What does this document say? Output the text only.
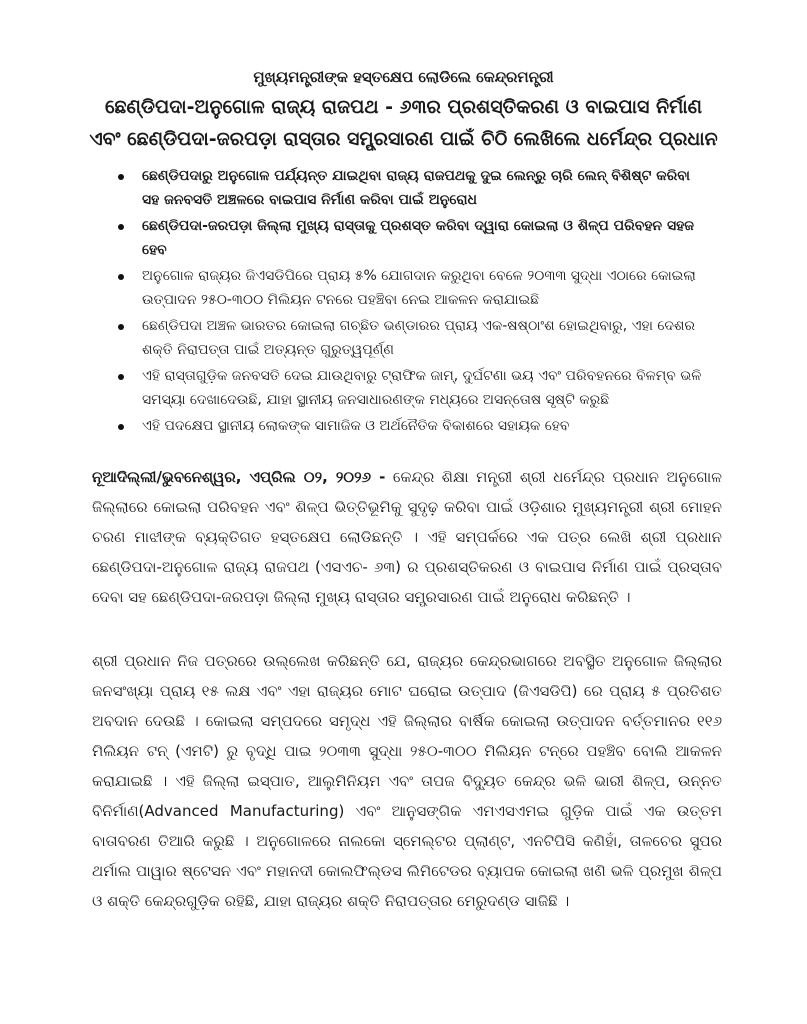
ମୁଖ୍ୟମନ୍ତ୍ରୀଙ୍କ ହସ୍ତକ୍ଷେପ ଲୋଡିଲେ କେନ୍ଦ୍ରମନ୍ତ୍ରୀ
ଛେଣ୍ଡିପଦା-ଅନୁଗୋଳ ରାଜ୍ୟ ରାଜପଥ - ୬୩ର ପ୍ରଶସ୍ତିକରଣ ଓ ବାଇପାସ ନିର୍ମାଣ
ଏବଂ ଛେଣ୍ଡିପଦା-ଜରପଡ଼ା ରାସ୍ତାର ସମ୍ପ୍ରସାରଣ ପାଇଁ ଚିଠି ଲେଖିଲେ ଧର୍ମେନ୍ଦ୍ର ପ୍ରଧାନ
ଛେଣ୍ଡିପଦାରୁ ଅନୁଗୋଳ ପର୍ଯ୍ୟନ୍ତ ଯାଇଥିବା ରାଜ୍ୟ ରାଜପଥକୁ ଦୁଇ ଲେନ୍‌ରୁ ଚାରି ଲେନ୍ ବିଶିଷ୍ଟ କରିବା ସହ ଜନବସତି ଅଞ୍ଚଳରେ ବାଇପାସ ନିର୍ମାଣ କରିବା ପାଇଁ ଅନୁରୋଧ
ଛେଣ୍ଡିପଦା-ଜରପଡ଼ା ଜିଲ୍ଲା ମୁଖ୍ୟ ରାସ୍ତାକୁ ପ୍ରଶସ୍ତ କରିବା ଦ୍ୱାରା କୋଇଲା ଓ ଶିଳ୍ପ ପରିବହନ ସହଜ ହେବ
ଅନୁଗୋଳ ରାଜ୍ୟର ଜିଏସଡିପିରେ ପ୍ରାୟ ୫% ଯୋଗଦାନ କରୁଥିବା ବେଳେ ୨୦୩୩ ସୁଦ୍ଧା ଏଠାରେ କୋଇଲା ଉତ୍ପାଦନ ୨୫୦-୩୦୦ ମିଲିୟନ ଟନରେ ପହଞ୍ଚିବା ନେଇ ଆକଳନ କରାଯାଇଛି
ଛେଣ୍ଡିପଦା ଅଞ୍ଚଳ ଭାରତର କୋଇଲା ଗଚ୍ଛିତ ଭଣ୍ଡାରର ପ୍ରାୟ ଏକ-ଷଷ୍ଠାଂଶ ହୋଇଥିବାରୁ, ଏହା ଦେଶର ଶକ୍ତି ନିରାପତ୍ତା ପାଇଁ ଅତ୍ୟନ୍ତ ଗୁରୁତ୍ୱପୂର୍ଣ୍ଣ
ଏହି ରାସ୍ତାଗୁଡ଼ିକ ଜନବସତି ଦେଇ ଯାଉଥିବାରୁ ଟ୍ରାଫିକ ଜାମ୍, ଦୁର୍ଘଟଣା ଭୟ ଏବଂ ପରିବହନରେ ବିଳମ୍ବ ଭଳି ସମସ୍ୟା ଦେଖାଦେଉଛି, ଯାହା ସ୍ଥାନୀୟ ଜନସାଧାରଣଙ୍କ ମଧ୍ୟରେ ଅସନ୍ତୋଷ ସୃଷ୍ଟି କରୁଛି
ଏହି ପଦକ୍ଷେପ ସ୍ଥାନୀୟ ଲୋକଙ୍କ ସାମାଜିକ ଓ ଅର୍ଥନୈତିକ ବିକାଶରେ ସହାୟକ ହେବ

ନୂଆଦିଲ୍ଲୀ/ଭୁବନେଶ୍ୱର, ଏପ୍ରିଲ ୦୨, ୨୦୨୬ - କେନ୍ଦ୍ର ଶିକ୍ଷା ମନ୍ତ୍ରୀ ଶ୍ରୀ ଧର୍ମେନ୍ଦ୍ର ପ୍ରଧାନ ଅନୁଗୋଳ ଜିଲ୍ଲାରେ କୋଇଲା ପରିବହନ ଏବଂ ଶିଳ୍ପ ଭିତ୍ତିଭୂମିକୁ ସୁଦୃଢ଼ କରିବା ପାଇଁ ଓଡ଼ିଶାର ମୁଖ୍ୟମନ୍ତ୍ରୀ ଶ୍ରୀ ମୋହନ ଚରଣ ମାଝୀଙ୍କ ବ୍ୟକ୍ତିଗତ ହସ୍ତକ୍ଷେପ ଲୋଡିଛନ୍ତି । ଏହି ସମ୍ପର୍କରେ ଏକ ପତ୍ର ଲେଖି ଶ୍ରୀ ପ୍ରଧାନ ଛେଣ୍ଡିପଦା-ଅନୁଗୋଳ ରାଜ୍ୟ ରାଜପଥ (ଏସଏଚ- ୬୩) ର ପ୍ରଶସ୍ତିକରଣ ଓ ବାଇପାସ ନିର୍ମାଣ ପାଇଁ ପ୍ରସ୍ତାବ ଦେବା ସହ ଛେଣ୍ଡିପଦା-ଜରପଡ଼ା ଜିଲ୍ଲା ମୁଖ୍ୟ ରାସ୍ତାର ସମ୍ପ୍ରସାରଣ ପାଇଁ ଅନୁରୋଧ କରିଛନ୍ତି ।

ଶ୍ରୀ ପ୍ରଧାନ ନିଜ ପତ୍ରରେ ଉଲ୍ଲେଖ କରିଛନ୍ତି ଯେ, ରାଜ୍ୟର କେନ୍ଦ୍ରଭାଗରେ ଅବସ୍ଥିତ ଅନୁଗୋଳ ଜିଲ୍ଲାର ଜନସଂଖ୍ୟା ପ୍ରାୟ ୧୫ ଲକ୍ଷ ଏବଂ ଏହା ରାଜ୍ୟର ମୋଟ ଘରୋଇ ଉତ୍ପାଦ (ଜିଏସଡିପି) ରେ ପ୍ରାୟ ୫ ପ୍ରତିଶତ ଅବଦାନ ଦେଉଛି । କୋଇଲା ସମ୍ପଦରେ ସମୃଦ୍ଧ ଏହି ଜିଲ୍ଲାର ବାର୍ଷିକ କୋଇଲା ଉତ୍ପାଦନ ବର୍ତ୍ତମାନର ୧୧୬ ମିଲିୟନ ଟନ୍ (ଏମଟି) ରୁ ବୃଦ୍ଧି ପାଇ ୨୦୩୩ ସୁଦ୍ଧା ୨୫୦-୩୦୦ ମିଲିୟନ ଟନ୍‌ରେ ପହଞ୍ଚିବ ବୋଲି ଆକଳନ କରାଯାଇଛି । ଏହି ଜିଲ୍ଲା ଇସ୍ପାତ, ଆଲୁମିନିୟମ ଏବଂ ତାପଜ ବିଦ୍ୟୁତ କେନ୍ଦ୍ର ଭଳି ଭାରୀ ଶିଳ୍ପ, ଉନ୍ନତ ବିନିର୍ମାଣ(Advanced Manufacturing) ଏବଂ ଆନୁସଙ୍ଗିକ ଏମଏସଏମଇ ଗୁଡ଼ିକ ପାଇଁ ଏକ ଉତ୍ତମ ବାତାବରଣ ତିଆରି କରୁଛି । ଅନୁଗୋଳରେ ନାଲକୋ ସ୍ମେଲ୍ଟର ପ୍ଲାଣ୍ଟ, ଏନଟିପିସି କଣିହାଁ, ତାଳଚେର ସୁପର ଥର୍ମାଲ ପାୱାର ଷ୍ଟେସନ ଏବଂ ମହାନଦୀ କୋଲଫିଲ୍ଡସ ଲିମିଟେଡର ବ୍ୟାପକ କୋଇଲା ଖଣି ଭଳି ପ୍ରମୁଖ ଶିଳ୍ପ ଓ ଶକ୍ତି କେନ୍ଦ୍ରଗୁଡ଼ିକ ରହିଛି, ଯାହା ରାଜ୍ୟର ଶକ୍ତି ନିରାପତ୍ତାର ମେରୁଦଣ୍ଡ ସାଜିଛି ।
